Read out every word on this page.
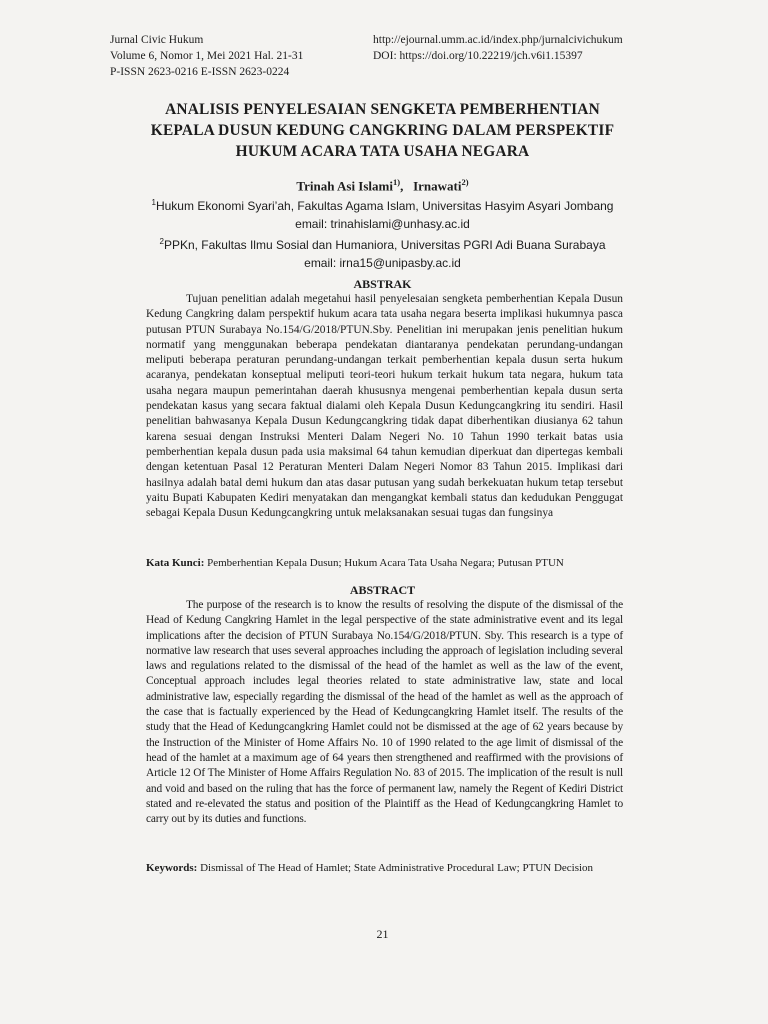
Jurnal Civic Hukum
Volume 6, Nomor 1, Mei 2021 Hal. 21-31
P-ISSN 2623-0216 E-ISSN 2623-0224
http://ejournal.umm.ac.id/index.php/jurnalcivichukum
DOI: https://doi.org/10.22219/jch.v6i1.15397
ANALISIS PENYELESAIAN SENGKETA PEMBERHENTIAN
KEPALA DUSUN KEDUNG CANGKRING DALAM PERSPEKTIF
HUKUM ACARA TATA USAHA NEGARA
Trinah Asi Islami$^{1)}$,   Irnawati$^{2)}$
$^1$Hukum Ekonomi Syari’ah, Fakultas Agama Islam, Universitas Hasyim Asyari Jombang
email: trinahislami@unhasy.ac.id
$^2$PPKn, Fakultas Ilmu Sosial dan Humaniora, Universitas PGRI Adi Buana Surabaya
email: irna15@unipasby.ac.id
ABSTRAK
Tujuan penelitian adalah megetahui hasil penyelesaian sengketa pemberhentian Kepala Dusun Kedung Cangkring dalam perspektif hukum acara tata usaha negara beserta implikasi hukumnya pasca putusan PTUN Surabaya No.154/G/2018/PTUN.Sby. Penelitian ini merupakan jenis penelitian hukum normatif yang menggunakan beberapa pendekatan diantaranya pendekatan perundang-undangan meliputi beberapa peraturan perundang-undangan terkait pemberhentian kepala dusun serta hukum acaranya, pendekatan konseptual meliputi teori-teori hukum terkait hukum tata negara, hukum tata usaha negara maupun pemerintahan daerah khususnya mengenai pemberhentian kepala dusun serta pendekatan kasus yang secara faktual dialami oleh Kepala Dusun Kedungcangkring itu sendiri. Hasil penelitian bahwasanya Kepala Dusun Kedungcangkring tidak dapat diberhentikan diusianya 62 tahun karena sesuai dengan Instruksi Menteri Dalam Negeri No. 10 Tahun 1990 terkait batas usia pemberhentian kepala dusun pada usia maksimal 64 tahun kemudian diperkuat dan dipertegas kembali dengan ketentuan Pasal 12 Peraturan Menteri Dalam Negeri Nomor 83 Tahun 2015. Implikasi dari hasilnya adalah batal demi hukum dan atas dasar putusan yang sudah berkekuatan hukum tetap tersebut yaitu Bupati Kabupaten Kediri menyatakan dan mengangkat kembali status dan kedudukan Penggugat sebagai Kepala Dusun Kedungcangkring untuk melaksanakan sesuai tugas dan fungsinya
Kata Kunci: Pemberhentian Kepala Dusun; Hukum Acara Tata Usaha Negara; Putusan PTUN
ABSTRACT
The purpose of the research is to know the results of resolving the dispute of the dismissal of the Head of Kedung Cangkring Hamlet in the legal perspective of the state administrative event and its legal implications after the decision of PTUN Surabaya No.154/G/2018/PTUN. Sby. This research is a type of normative law research that uses several approaches including the approach of legislation including several laws and regulations related to the dismissal of the head of the hamlet as well as the law of the event, Conceptual approach includes legal theories related to state administrative law, state and local administrative law, especially regarding the dismissal of the head of the hamlet as well as the approach of the case that is factually experienced by the Head of Kedungcangkring Hamlet itself. The results of the study that the Head of Kedungcangkring Hamlet could not be dismissed at the age of 62 years because by the Instruction of the Minister of Home Affairs No. 10 of 1990 related to the age limit of dismissal of the head of the hamlet at a maximum age of 64 years then strengthened and reaffirmed with the provisions of Article 12 Of The Minister of Home Affairs Regulation No. 83 of 2015. The implication of the result is null and void and based on the ruling that has the force of permanent law, namely the Regent of Kediri District stated and re-elevated the status and position of the Plaintiff as the Head of Kedungcangkring Hamlet to carry out by its duties and functions.
Keywords: Dismissal of The Head of Hamlet; State Administrative Procedural Law; PTUN Decision
21
